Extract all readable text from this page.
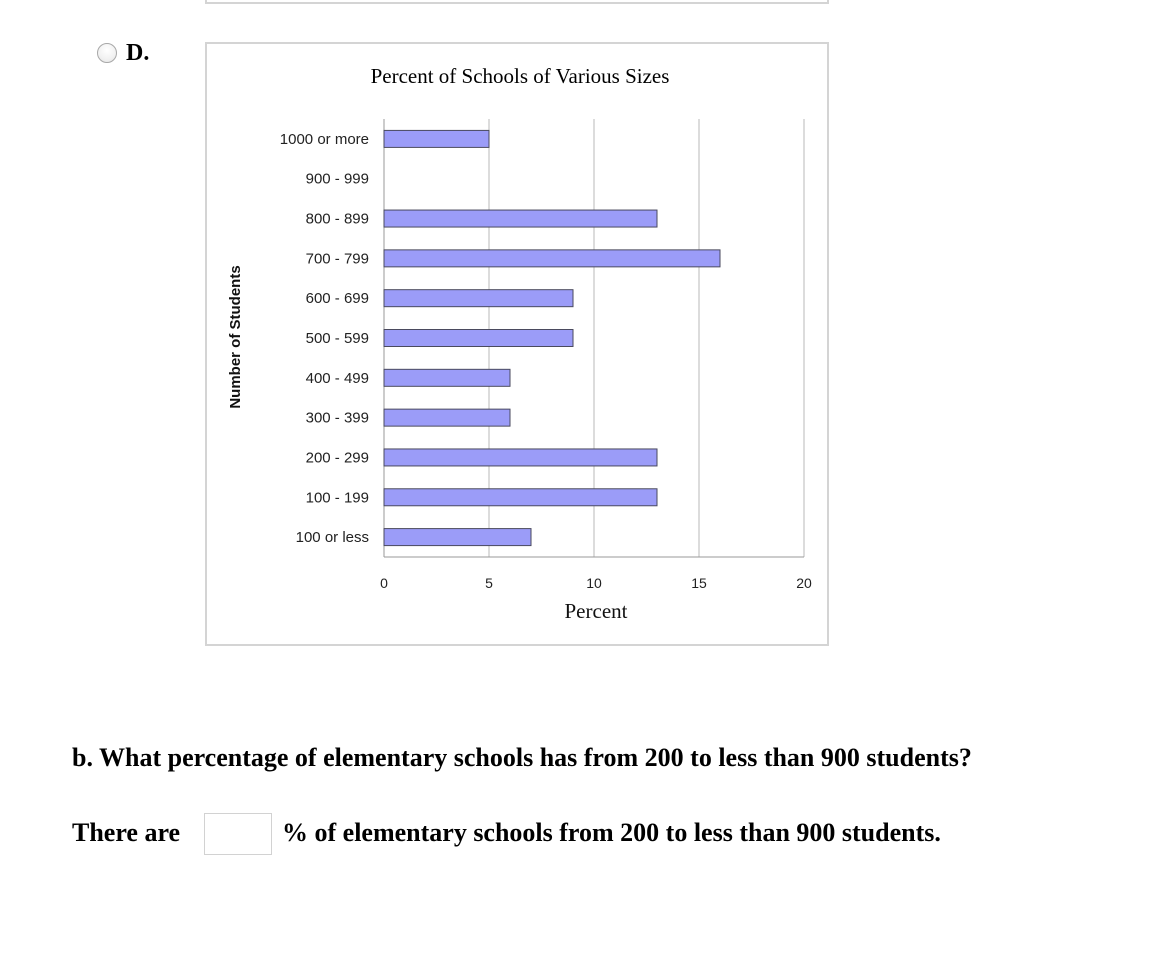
D.
Percent of Schools of Various Sizes
0	5	10	15	20
1000 or more
900 - 999
800 - 899
700 - 799
600 - 699
500 - 599
400 - 499
300 - 399
200 - 299
100 - 199
100 or less
Percent
Number of Students
b. What percentage of elementary schools has from 200 to less than 900 students?
There are	% of elementary schools from 200 to less than 900 students.
